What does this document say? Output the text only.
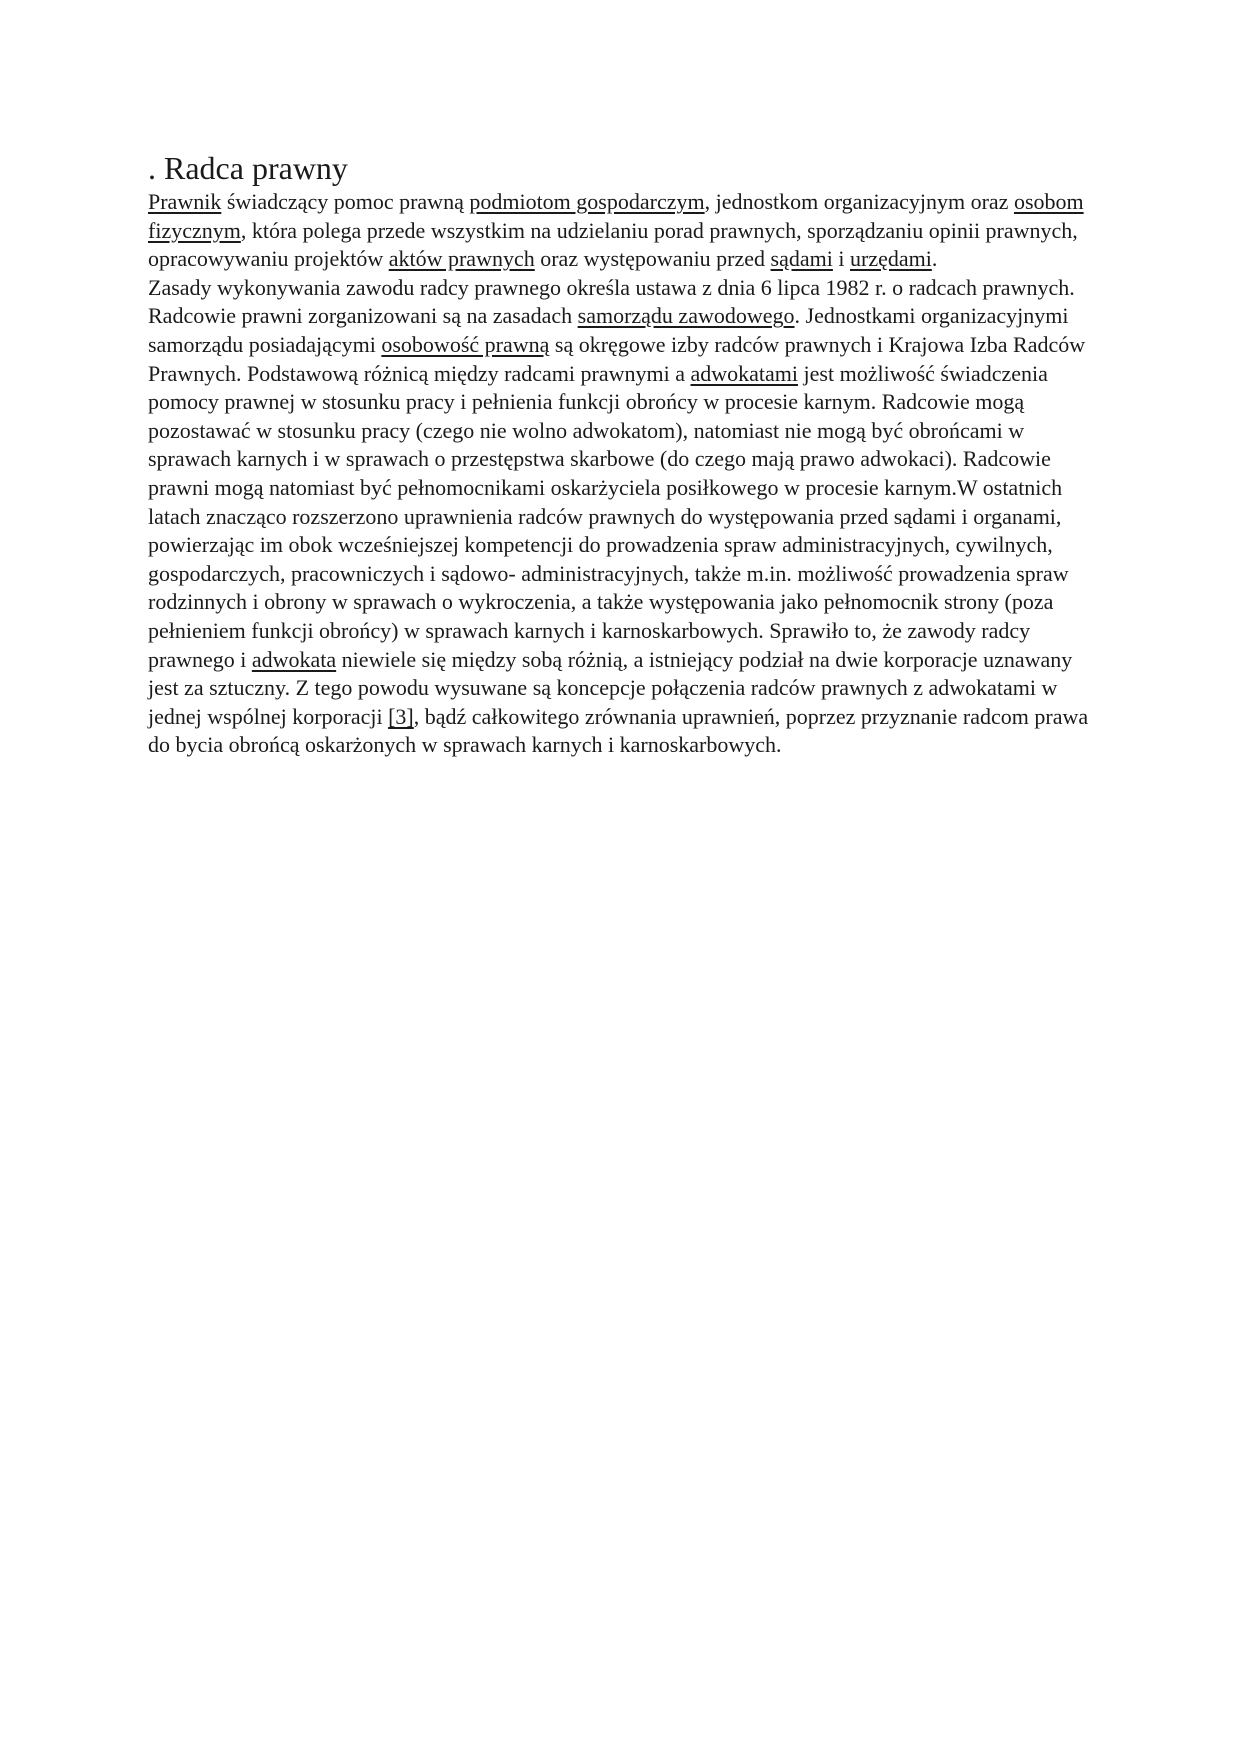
. Radca prawny

Prawnik świadczący pomoc prawną podmiotom gospodarczym, jednostkom organizacyjnym oraz osobom fizycznym, która polega przede wszystkim na udzielaniu porad prawnych, sporządzaniu opinii prawnych, opracowywaniu projektów aktów prawnych oraz występowaniu przed sądami i urzędami.

Zasady wykonywania zawodu radcy prawnego określa ustawa z dnia 6 lipca 1982 r. o radcach prawnych. Radcowie prawni zorganizowani są na zasadach samorządu zawodowego. Jednostkami organizacyjnymi samorządu posiadającymi osobowość prawną są okręgowe izby radców prawnych i Krajowa Izba Radców Prawnych. Podstawową różnicą między radcami prawnymi a adwokatami jest możliwość świadczenia pomocy prawnej w stosunku pracy i pełnienia funkcji obrońcy w procesie karnym. Radcowie mogą pozostawać w stosunku pracy (czego nie wolno adwokatom), natomiast nie mogą być obrońcami w sprawach karnych i w sprawach o przestępstwa skarbowe (do czego mają prawo adwokaci). Radcowie prawni mogą natomiast być pełnomocnikami oskarżyciela posiłkowego w procesie karnym.W ostatnich latach znacząco rozszerzono uprawnienia radców prawnych do występowania przed sądami i organami, powierzając im obok wcześniejszej kompetencji do prowadzenia spraw administracyjnych, cywilnych, gospodarczych, pracowniczych i sądowo- administracyjnych, także m.in. możliwość prowadzenia spraw rodzinnych i obrony w sprawach o wykroczenia, a także występowania jako pełnomocnik strony (poza pełnieniem funkcji obrońcy) w sprawach karnych i karnoskarbowych. Sprawiło to, że zawody radcy prawnego i adwokata niewiele się między sobą różnią, a istniejący podział na dwie korporacje uznawany jest za sztuczny. Z tego powodu wysuwane są koncepcje połączenia radców prawnych z adwokatami w jednej wspólnej korporacji [3], bądź całkowitego zrównania uprawnień, poprzez przyznanie radcom prawa do bycia obrońcą oskarżonych w sprawach karnych i karnoskarbowych.
